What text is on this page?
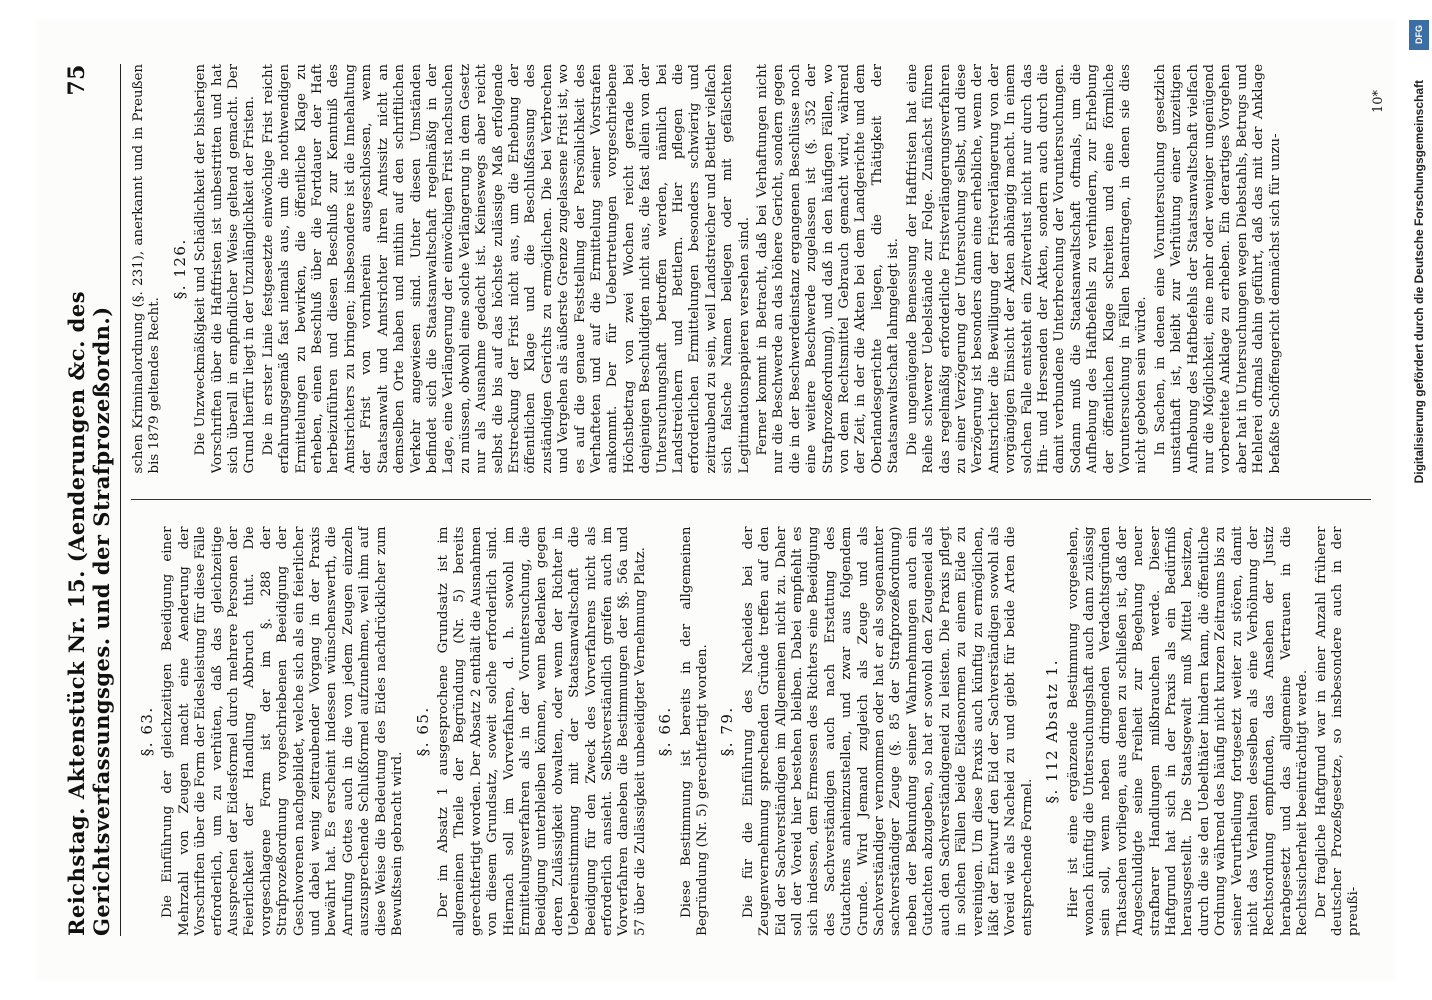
Reichstag. Aktenstück Nr. 15. (Aenderungen &c. des Gerichtsverfassungsges. und der Strafprozeßordn.)
75
§. 63. Die Einführung der gleichzeitigen Beeidigung einer Mehrzahl von Zeugen macht eine Aenderung der Vorschriften über die Form der Eidesleistung für diese Fälle erforderlich, um zu verhüten, daß das gleichzeitige Aussprechen der Eidesformel durch mehrere Personen der Feierlichkeit der Handlung Abbruch thut. Die vorgeschlagene Form ist der im §. 288 der Strafprozeßordnung vorgeschriebenen Beeidigung der Geschworenen nachgebildet, welche sich als ein feierlicher und dabei wenig zeitraubender Vorgang in der Praxis bewährt hat. Es erscheint indessen wünschenswerth, die Anrufung Gottes auch in die von jedem Zeugen einzeln auszusprechende Schlußformel aufzunehmen, weil ihm auf diese Weise die Bedeutung des Eides nachdrücklicher zum Bewußtsein gebracht wird.

§. 65. Der im Absatz 1 ausgesprochene Grundsatz ist im allgemeinen Theile der Begründung (Nr. 5) bereits gerechtfertigt worden. Der Absatz 2 enthält die Ausnahmen von diesem Grundsatz, soweit solche erforderlich sind. Hiernach soll im Vorverfahren, d. h. sowohl im Ermittelungsverfahren als in der Voruntersuchung, die Beeidigung unterbleiben können, wenn Bedenken gegen deren Zulässigkeit obwalten, oder wenn der Richter in Uebereinstimmung mit der Staatsanwaltschaft die Beeidigung für den Zweck des Vorverfahrens nicht als erforderlich ansieht. Selbstverständlich greifen auch im Vorverfahren daneben die Bestimmungen der §§. 56a und 57 über die Zulässigkeit unbeeidigter Vernehmung Platz. §. 66. Diese Bestimmung ist bereits in der allgemeinen Begründung (Nr. 5) gerechtfertigt worden. §. 79. Die für die Einführung des Nacheides bei der Zeugenvernehmung sprechenden Gründe treffen auf den Eid der Sachverständigen im Allgemeinen nicht zu. Daher soll der Voreid hier bestehen bleiben. Dabei empfiehlt es sich indessen, dem Ermessen des Richters eine Beeidigung des Sachverständigen auch nach Erstattung des Gutachtens anheimzustellen, und zwar aus folgendem Grunde. Wird Jemand zugleich als Zeuge und als Sachverständiger vernommen oder hat er als sogenannter sachverständiger Zeuge (§. 85 der Strafprozeßordnung) neben der Bekundung seiner Wahrnehmungen auch ein Gutachten abzugeben, so hat er sowohl den Zeugeneid als auch den Sachverständigeneid zu leisten. Die Praxis pflegt in solchen Fällen beide Eidesnormen zu einem Eide zu vereinigen. Um diese Praxis auch künftig zu ermöglichen, läßt der Entwurf den Eid der Sachverständigen sowohl als Voreid wie als Nacheid zu und giebt für beide Arten die entsprechende Formel.

§. 112 Absatz 1. Hier ist eine ergänzende Bestimmung vorgesehen, wonach künftig die Untersuchungshaft auch dann zulässig sein soll, wenn neben dringenden Verdachtsgründen Thatsachen vorliegen, aus denen zu schließen ist, daß der Angeschuldigte seine Freiheit zur Begehung neuer strafbarer Handlungen mißbrauchen werde. Dieser Haftgrund hat sich in der Praxis als ein Bedürfniß herausgestellt. Die Staatsgewalt muß Mittel besitzen, durch die sie den Uebelthäter hindern kann, die öffentliche Ordnung während des häufig nicht kurzen Zeitraums bis zu seiner Verurtheilung fortgesetzt weiter zu stören, damit nicht das Verhalten desselben als eine Verhöhnung der Rechtsordnung empfunden, das Ansehen der Justiz herabgesetzt und das allgemeine Vertrauen in die Rechtssicherheit beeinträchtigt werde. Der fragliche Haftgrund war in einer Anzahl früherer deutscher Prozeßgesetze, so insbesondere auch in der preußi-

schen Kriminalordnung (§. 231), anerkannt und in Preußen bis 1879 geltendes Recht.

§. 126. Die Unzweckmäßigkeit und Schädlichkeit der bisherigen Vorschriften über die Haftfristen ist unbestritten und hat sich überall in empfindlicher Weise geltend gemacht. Der Grund hierfür liegt in der Unzulänglichkeit der Fristen. Die in erster Linie festgesetzte einwöchige Frist reicht erfahrungsgemäß fast niemals aus, um die nothwendigen Ermittelungen zu bewirken, die öffentliche Klage zu erheben, einen Beschluß über die Fortdauer der Haft herbeizuführen und diesen Beschluß zur Kenntniß des Amtsrichters zu bringen; insbesondere ist die Innehaltung der Frist von vornherein ausgeschlossen, wenn Staatsanwalt und Amtsrichter ihren Amtssitz nicht an demselben Orte haben und mithin auf den schriftlichen Verkehr angewiesen sind. Unter diesen Umständen befindet sich die Staatsanwaltschaft regelmäßig in der Lage, eine Verlängerung der einwöchigen Frist nachsuchen zu müssen, obwohl eine solche Verlängerung in dem Gesetz nur als Ausnahme gedacht ist. Keineswegs aber reicht selbst die bis auf das höchste zulässige Maß erfolgende Erstreckung der Frist nicht aus, um die Erhebung der öffentlichen Klage und die Beschlußfassung des zuständigen Gerichts zu ermöglichen. Die bei Verbrechen und Vergehen als äußerste Grenze zugelassene Frist ist, wo es auf die genaue Feststellung der Persönlichkeit des Verhafteten und auf die Ermittelung seiner Vorstrafen ankommt. Der für Uebertretungen vorgeschriebene Höchstbetrag von zwei Wochen reicht gerade bei denjenigen Beschuldigten nicht aus, die fast allein von der Untersuchungshaft betroffen werden, nämlich bei Landstreichern und Bettlern. Hier pflegen die erforderlichen Ermittelungen besonders schwierig und zeitraubend zu sein, weil Landstreicher und Bettler vielfach sich falsche Namen beilegen oder mit gefälschten Legitimationspapieren versehen sind. Ferner kommt in Betracht, daß bei Verhaftungen nicht nur die Beschwerde an das höhere Gericht, sondern gegen die in der Beschwerdeinstanz ergangenen Beschlüsse noch eine weitere Beschwerde zugelassen ist (§. 352 der Strafprozeßordnung), und daß in den häufigen Fällen, wo von dem Rechtsmittel Gebrauch gemacht wird, während der Zeit, in der die Akten bei dem Landgerichte und dem Oberlandesgerichte liegen, die Thätigkeit der Staatsanwaltschaft lahmgelegt ist. Die ungenügende Bemessung der Haftfristen hat eine Reihe schwerer Uebelstände zur Folge. Zunächst führen das regelmäßig erforderliche Fristverlängerungsverfahren zu einer Verzögerung der Untersuchung selbst, und diese Verzögerung ist besonders dann eine erhebliche, wenn der Amtsrichter die Bewilligung der Fristverlängerung von der vorgängigen Einsicht der Akten abhängig macht. In einem solchen Falle entsteht ein Zeitverlust nicht nur durch das Hin- und Hersenden der Akten, sondern auch durch die damit verbundene Unterbrechung der Voruntersuchungen. Sodann muß die Staatsanwaltschaft oftmals, um die Aufhebung des Haftbefehls zu verhindern, zur Erhebung der öffentlichen Klage schreiten und eine förmliche Voruntersuchung in Fällen beantragen, in denen sie dies nicht geboten sein würde. In Sachen, in denen eine Voruntersuchung gesetzlich unstatthaft ist, bleibt zur Verhütung einer unzeitigen Aufhebung des Haftbefehls der Staatsanwaltschaft vielfach nur die Möglichkeit, eine mehr oder weniger ungenügend vorbereitete Anklage zu erheben. Ein derartiges Vorgehen aber hat in Untersuchungen wegen Diebstahls, Betrugs und Hehlerei oftmals dahin geführt, daß das mit der Anklage befaßte Schöffengericht demnächst sich für unzu-

10*
DFG
Digitalisierung gefördert durch die Deutsche Forschungsgemeinschaft
